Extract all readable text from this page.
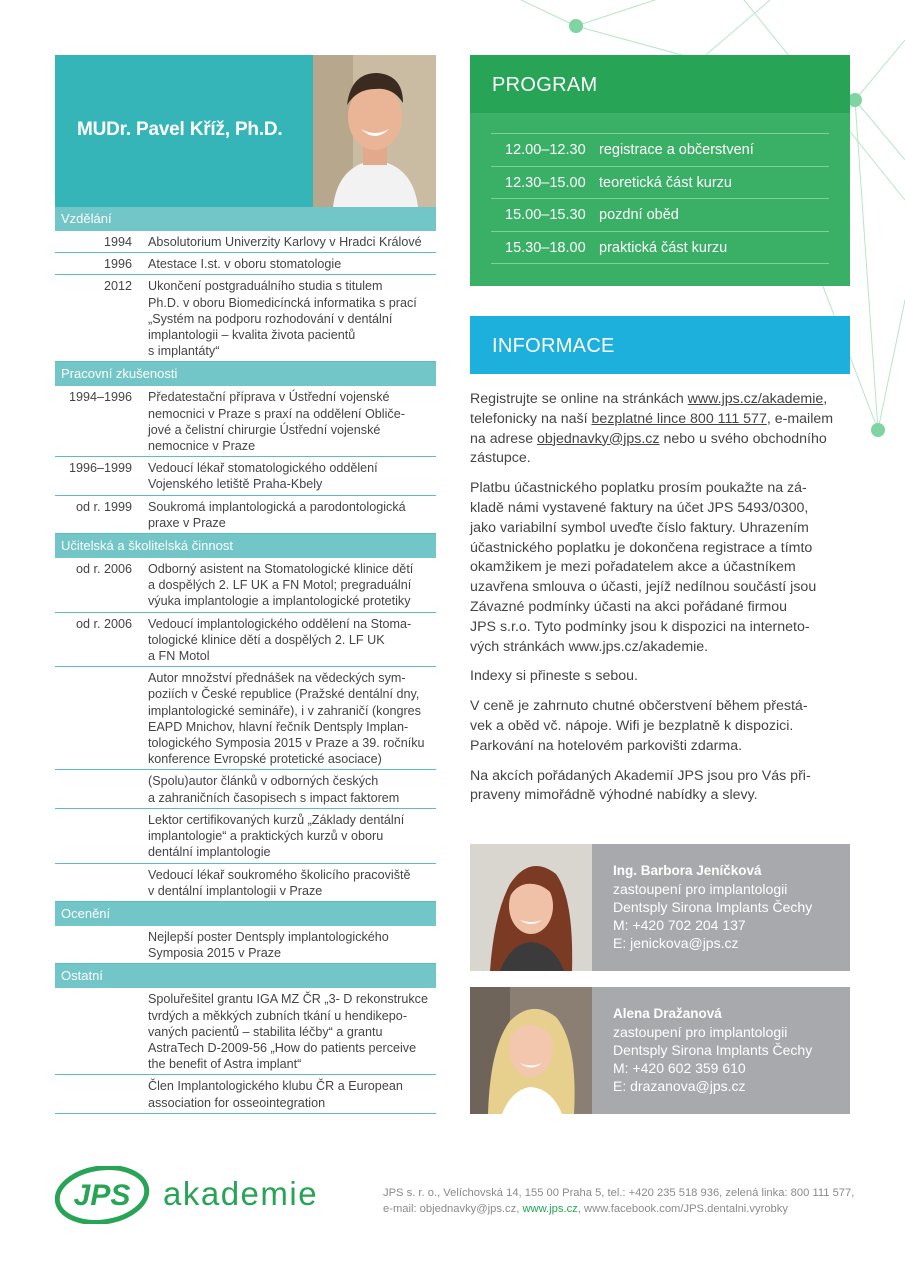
MUDr. Pavel Kříž, Ph.D.
Vzdělání
1994 Absolutorium Univerzity Karlovy v Hradci Králové
1996 Atestace I.st. v oboru stomatologie
2012 Ukončení postgraduálního studia s titulem
Ph.D. v oboru Biomedicíncká informatika s prací
„Systém na podporu rozhodování v dentální
implantologii – kvalita života pacientů
s implantáty“
Pracovní zkušenosti
1994–1996 Předatestační příprava v Ústřední vojenské
nemocnici v Praze s praxí na oddělení Obliče-
jové a čelistní chirurgie Ústřední vojenské
nemocnice v Praze
1996–1999 Vedoucí lékař stomatologického oddělení
Vojenského letiště Praha-Kbely
od r. 1999 Soukromá implantologická a parodontologická
praxe v Praze
Učitelská a školitelská činnost
od r. 2006 Odborný asistent na Stomatologické klinice dětí
a dospělých 2. LF UK a FN Motol; pregraduální
výuka implantologie a implantologické protetiky
od r. 2006 Vedoucí implantologického oddělení na Stoma-
tologické klinice dětí a dospělých 2. LF UK
a FN Motol
Autor množství přednášek na vědeckých sym-
poziích v České republice (Pražské dentální dny,
implantologické semináře), i v zahraničí (kongres
EAPD Mnichov, hlavní řečník Dentsply Implan-
tologického Symposia 2015 v Praze a 39. ročníku
konference Evropské protetické asociace)
(Spolu)autor článků v odborných českých
a zahraničních časopisech s impact faktorem
Lektor certifikovaných kurzů „Základy dentální
implantologie“ a praktických kurzů v oboru
dentální implantologie
Vedoucí lékař soukromého školicího pracoviště
v dentální implantologii v Praze
Ocenění
Nejlepší poster Dentsply implantologického
Symposia 2015 v Praze
Ostatní
Spoluřešitel grantu IGA MZ ČR „3- D rekonstrukce
tvrdých a měkkých zubních tkání u hendikepo-
vaných pacientů – stabilita léčby“ a grantu
AstraTech D-2009-56 „How do patients perceive
the benefit of Astra implant“
Člen Implantologického klubu ČR a European
association for osseointegration
PROGRAM
12.00–12.30 registrace a občerstvení
12.30–15.00 teoretická část kurzu
15.00–15.30 pozdní oběd
15.30–18.00 praktická část kurzu
INFORMACE

Registrujte se online na stránkách www.jps.cz/akademie,
telefonicky na naší bezplatné lince 800 111 577, e-mailem
na adrese objednavky@jps.cz nebo u svého obchodního
zástupce.

Platbu účastnického poplatku prosím poukažte na zá-
kladě námi vystavené faktury na účet JPS 5493/0300,
jako variabilní symbol uveďte číslo faktury. Uhrazením
účastnického poplatku je dokončena registrace a tímto
okamžikem je mezi pořadatelem akce a účastníkem
uzavřena smlouva o účasti, jejíž nedílnou součástí jsou
Závazné podmínky účasti na akci pořádané firmou
JPS s.r.o. Tyto podmínky jsou k dispozici na interneto-
vých stránkách www.jps.cz/akademie.

Indexy si přineste s sebou.

V ceně je zahrnuto chutné občerstvení během přestá-
vek a oběd vč. nápoje. Wifi je bezplatně k dispozici.
Parkování na hotelovém parkovišti zdarma.

Na akcích pořádaných Akademií JPS jsou pro Vás při-
praveny mimořádně výhodné nabídky a slevy.

Ing. Barbora Jeníčková
zastoupení pro implantologii
Dentsply Sirona Implants Čechy
M: +420 702 204 137
E: jenickova@jps.cz
Alena Dražanová
zastoupení pro implantologii
Dentsply Sirona Implants Čechy
M: +420 602 359 610
E: drazanova@jps.cz
JPS akademie	JPS s. r. o., Velíchovská 14, 155 00 Praha 5, tel.: +420 235 518 936, zelená linka: 800 111 577,
e-mail: objednavky@jps.cz, www.jps.cz, www.facebook.com/JPS.dentalni.vyrobky
